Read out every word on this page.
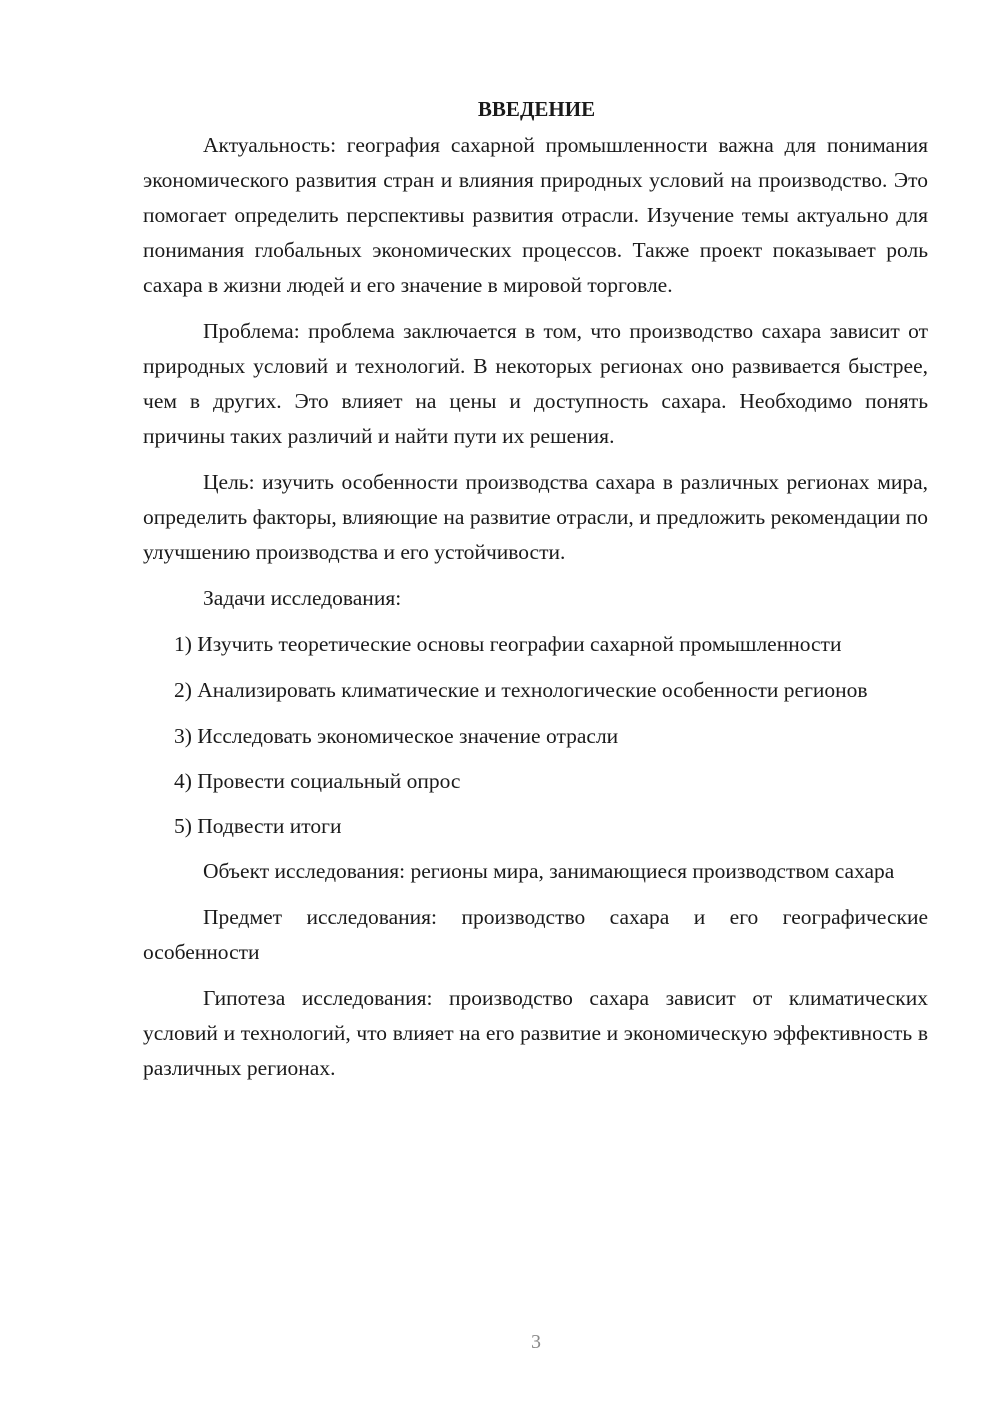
ВВЕДЕНИЕ

Актуальность: география сахарной промышленности важна для понимания экономического развития стран и влияния природных условий на производство. Это помогает определить перспективы развития отрасли. Изучение темы актуально для понимания глобальных экономических процессов. Также проект показывает роль сахара в жизни людей и его значение в мировой торговле.

Проблема: проблема заключается в том, что производство сахара зависит от природных условий и технологий. В некоторых регионах оно развивается быстрее, чем в других. Это влияет на цены и доступность сахара. Необходимо понять причины таких различий и найти пути их решения.

Цель: изучить особенности производства сахара в различных регионах мира, определить факторы, влияющие на развитие отрасли, и предложить рекомендации по улучшению производства и его устойчивости.

Задачи исследования:

1) Изучить теоретические основы географии сахарной промышленности

2) Анализировать климатические и технологические особенности регионов

3) Исследовать экономическое значение отрасли

4) Провести социальный опрос

5) Подвести итоги

Объект исследования: регионы мира, занимающиеся производством сахара

Предмет исследования: производство сахара и его географические особенности

Гипотеза исследования: производство сахара зависит от климатических условий и технологий, что влияет на его развитие и экономическую эффективность в различных регионах.

3
